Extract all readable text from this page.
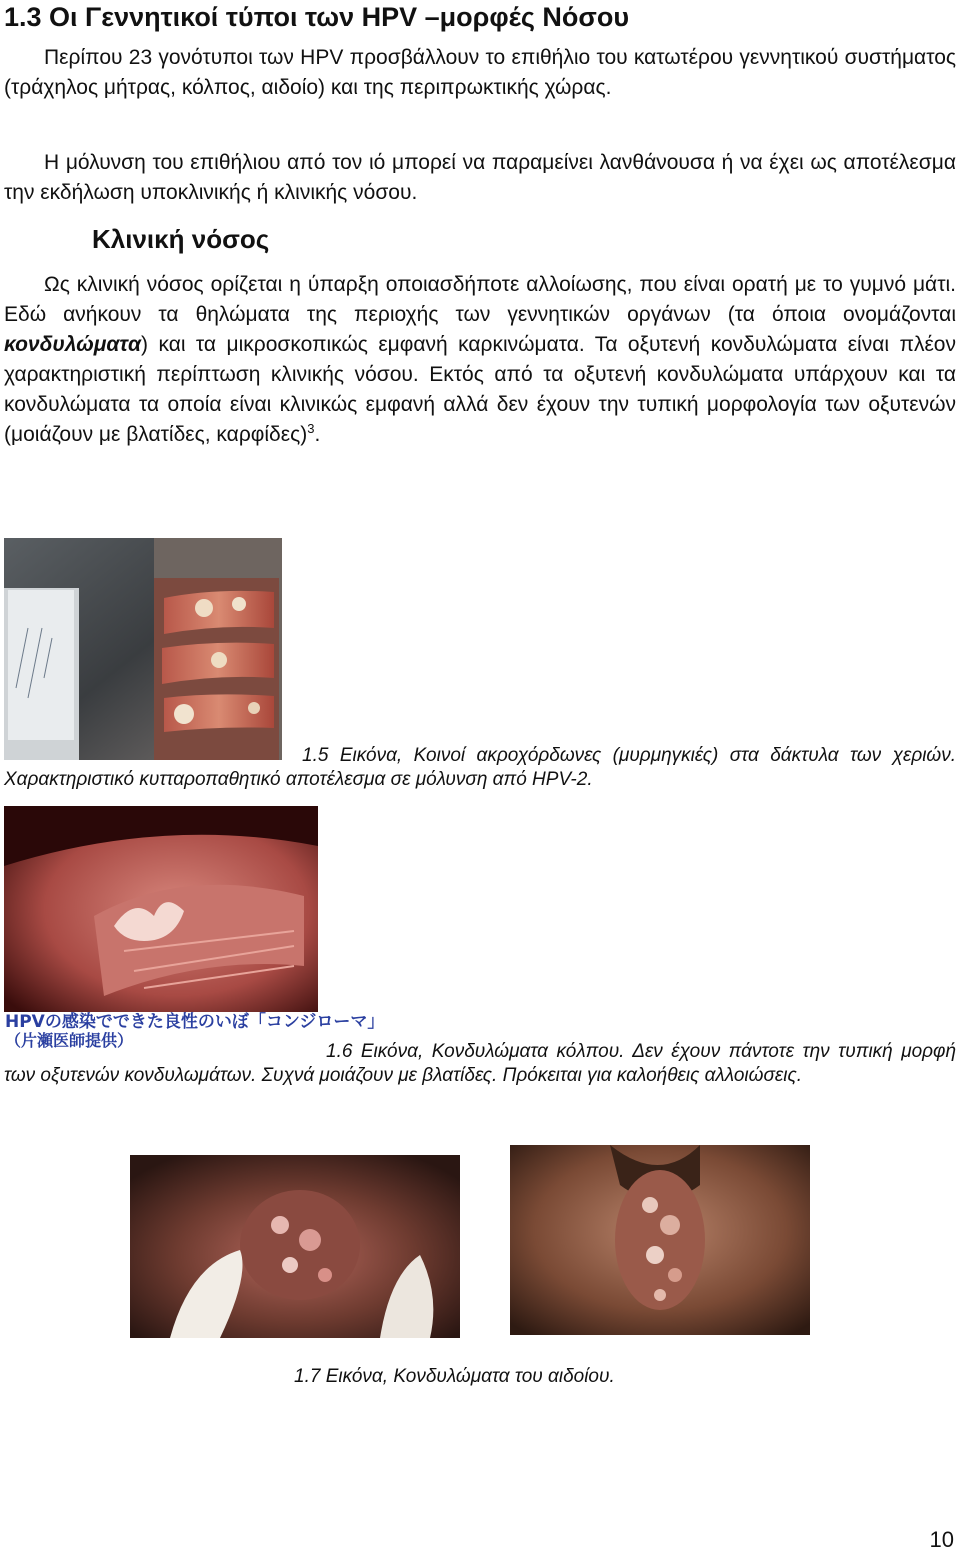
1.3 Οι Γεννητικοί τύποι των HPV –μορφές Νόσου
Περίπου 23 γονότυποι των HPV προσβάλλουν το επιθήλιο του κατωτέρου γεννητικού συστήματος (τράχηλος μήτρας, κόλπος, αιδοίο) και της περιπρωκτικής χώρας.
Η μόλυνση του επιθήλιου από τον ιό μπορεί να παραμείνει λανθάνουσα ή να έχει ως αποτέλεσμα την εκδήλωση υποκλινικής ή κλινικής νόσου.
Κλινική νόσος
Ως κλινική νόσος ορίζεται η ύπαρξη οποιασδήποτε αλλοίωσης, που είναι ορατή με το γυμνό μάτι. Εδώ ανήκουν τα θηλώματα της περιοχής των γεννητικών οργάνων (τα όποια ονομάζονται κονδυλώματα) και τα μικροσκοπικώς εμφανή καρκινώματα. Τα οξυτενή κονδυλώματα είναι πλέον χαρακτηριστική περίπτωση κλινικής νόσου. Εκτός από τα οξυτενή κονδυλώματα υπάρχουν και τα κονδυλώματα τα οποία είναι κλινικώς εμφανή αλλά δεν έχουν την τυπική μορφολογία των οξυτενών (μοιάζουν με βλατίδες, καρφίδες)$^3$.
1.5 Εικόνα, Κοινοί ακροχόρδωνες (μυρμηγκιές) στα δάκτυλα των χεριών. Χαρακτηριστικό κυτταροπαθητικό αποτέλεσμα σε μόλυνση από HPV-2.
HPVの感染でできた良性のいぼ「コンジローマ」
（片瀬医師提供）
1.6 Εικόνα, Κονδυλώματα κόλπου. Δεν έχουν πάντοτε την τυπική μορφή των οξυτενών κονδυλωμάτων. Συχνά μοιάζουν με βλατίδες. Πρόκειται για καλοήθεις αλλοιώσεις.
1.7 Εικόνα, Κονδυλώματα του αιδοίου.
10
